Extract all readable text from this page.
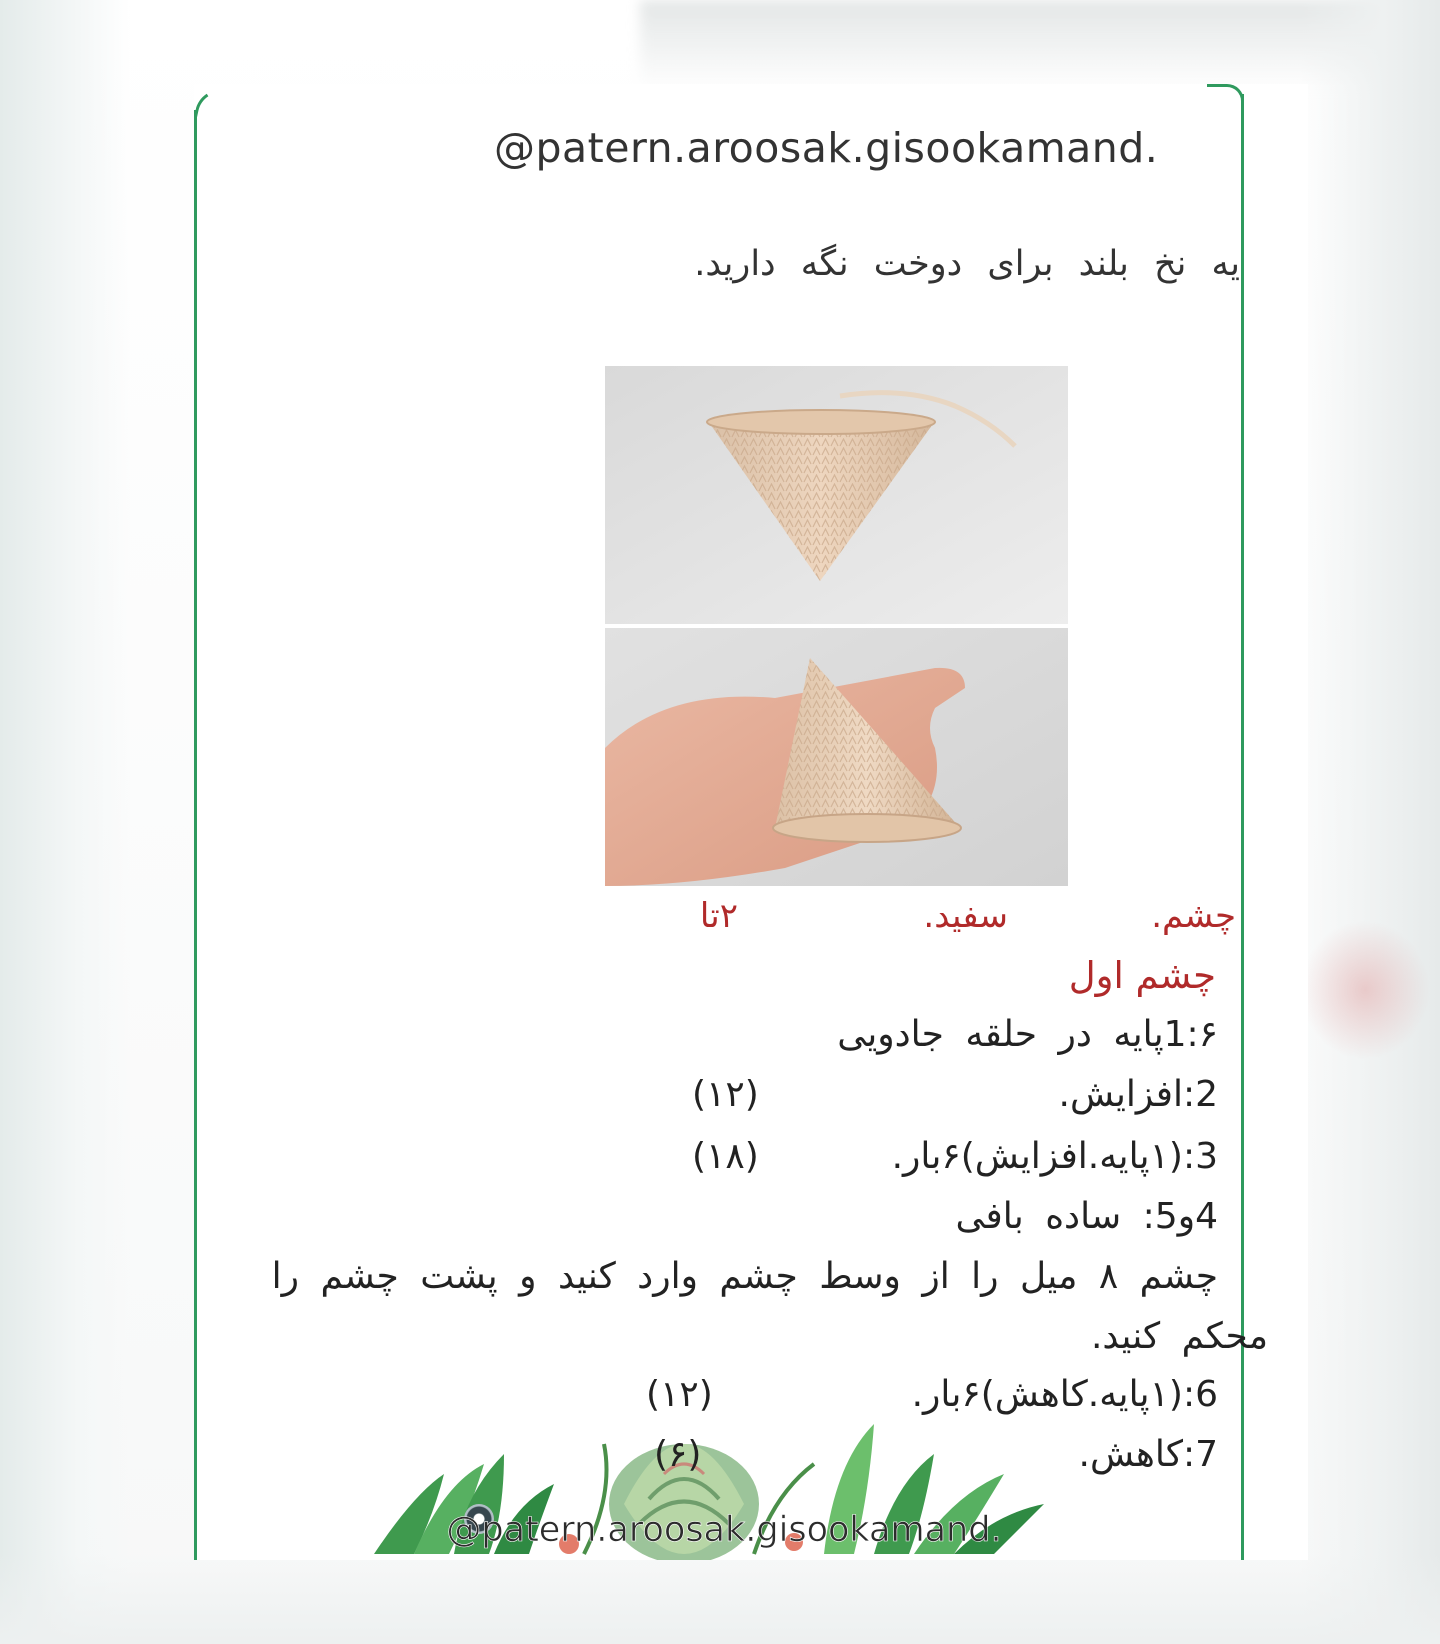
@patern.aroosak.gisookamand.
یه نخ بلند برای دوخت نگه دارید.
چشم.
سفید.
۲تا
چشم اول
1:۶پایه در حلقه جادویی
2:افزایش.
(۱۲)
3:(۱پایه.افزایش)۶بار.
(۱۸)
4و5: ساده بافی
چشم ۸ میل را از وسط چشم وارد کنید و پشت چشم را
محکم کنید.
6:(۱پایه.کاهش)۶بار.
(۱۲)
7:کاهش.
(۶)
@patern.aroosak.gisookamand.
